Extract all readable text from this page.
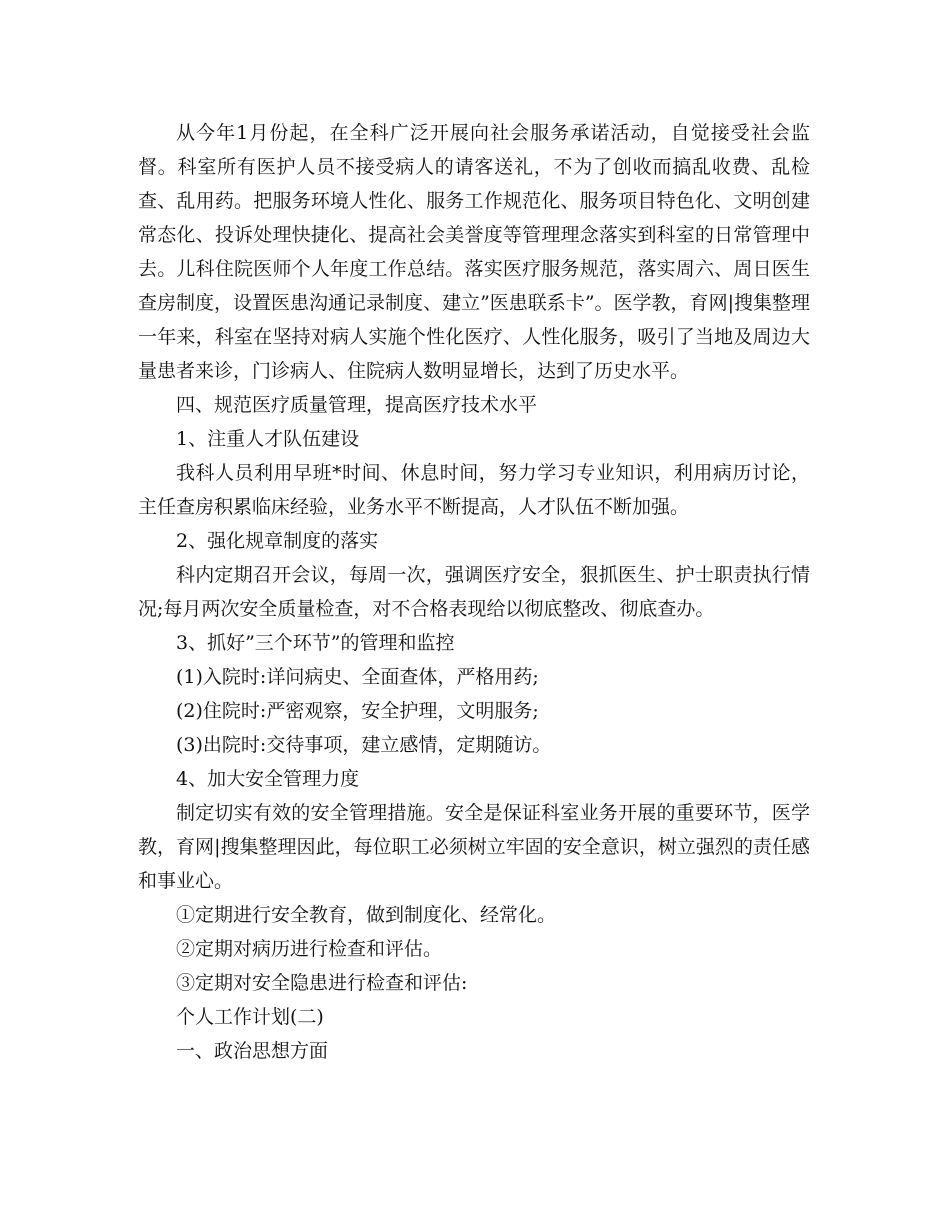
从今年1月份起，在全科广泛开展向社会服务承诺活动，自觉接受社会监督。科室所有医护人员不接受病人的请客送礼，不为了创收而搞乱收费、乱检查、乱用药。把服务环境人性化、服务工作规范化、服务项目特色化、文明创建常态化、投诉处理快捷化、提高社会美誉度等管理理念落实到科室的日常管理中去。儿科住院医师个人年度工作总结。落实医疗服务规范，落实周六、周日医生查房制度，设置医患沟通记录制度、建立”医患联系卡”。医学教，育网|搜集整理一年来，科室在坚持对病人实施个性化医疗、人性化服务，吸引了当地及周边大量患者来诊，门诊病人、住院病人数明显增长，达到了历史水平。

四、规范医疗质量管理，提高医疗技术水平

1、注重人才队伍建设

我科人员利用早班*时间、休息时间，努力学习专业知识，利用病历讨论，主任查房积累临床经验，业务水平不断提高，人才队伍不断加强。

2、强化规章制度的落实

科内定期召开会议，每周一次，强调医疗安全，狠抓医生、护士职责执行情况;每月两次安全质量检查，对不合格表现给以彻底整改、彻底查办。

3、抓好”三个环节”的管理和监控

(1)入院时:详问病史、全面查体，严格用药;

(2)住院时:严密观察，安全护理，文明服务;

(3)出院时:交待事项，建立感情，定期随访。

4、加大安全管理力度

制定切实有效的安全管理措施。安全是保证科室业务开展的重要环节，医学教，育网|搜集整理因此，每位职工必须树立牢固的安全意识，树立强烈的责任感和事业心。

①定期进行安全教育，做到制度化、经常化。

②定期对病历进行检查和评估。

③定期对安全隐患进行检查和评估:

个人工作计划(二)

一、政治思想方面
